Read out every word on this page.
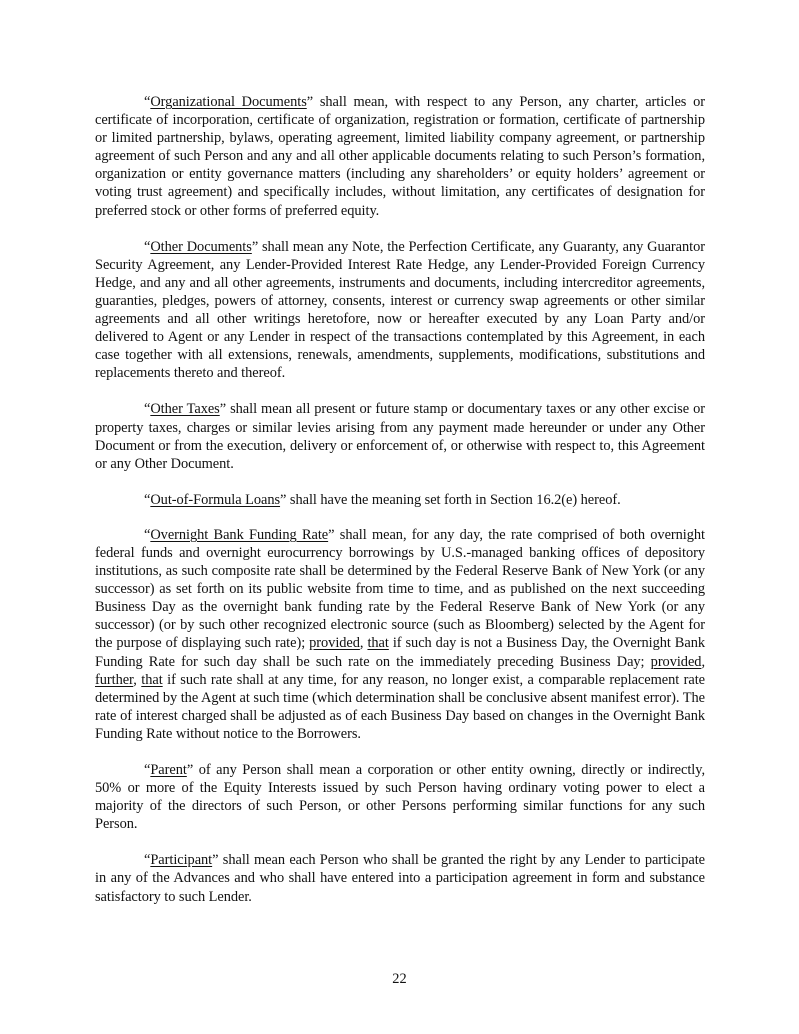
“Organizational Documents” shall mean, with respect to any Person, any charter, articles or certificate of incorporation, certificate of organization, registration or formation, certificate of partnership or limited partnership, bylaws, operating agreement, limited liability company agreement, or partnership agreement of such Person and any and all other applicable documents relating to such Person’s formation, organization or entity governance matters (including any shareholders’ or equity holders’ agreement or voting trust agreement) and specifically includes, without limitation, any certificates of designation for preferred stock or other forms of preferred equity.

“Other Documents” shall mean any Note, the Perfection Certificate, any Guaranty, any Guarantor Security Agreement, any Lender-Provided Interest Rate Hedge, any Lender-Provided Foreign Currency Hedge, and any and all other agreements, instruments and documents, including intercreditor agreements, guaranties, pledges, powers of attorney, consents, interest or currency swap agreements or other similar agreements and all other writings heretofore, now or hereafter executed by any Loan Party and/or delivered to Agent or any Lender in respect of the transactions contemplated by this Agreement, in each case together with all extensions, renewals, amendments, supplements, modifications, substitutions and replacements thereto and thereof.

“Other Taxes” shall mean all present or future stamp or documentary taxes or any other excise or property taxes, charges or similar levies arising from any payment made hereunder or under any Other Document or from the execution, delivery or enforcement of, or otherwise with respect to, this Agreement or any Other Document.

“Out-of-Formula Loans” shall have the meaning set forth in Section 16.2(e) hereof.

“Overnight Bank Funding Rate” shall mean, for any day, the rate comprised of both overnight federal funds and overnight eurocurrency borrowings by U.S.-managed banking offices of depository institutions, as such composite rate shall be determined by the Federal Reserve Bank of New York (or any successor) as set forth on its public website from time to time, and as published on the next succeeding Business Day as the overnight bank funding rate by the Federal Reserve Bank of New York (or any successor) (or by such other recognized electronic source (such as Bloomberg) selected by the Agent for the purpose of displaying such rate); provided, that if such day is not a Business Day, the Overnight Bank Funding Rate for such day shall be such rate on the immediately preceding Business Day; provided, further, that if such rate shall at any time, for any reason, no longer exist, a comparable replacement rate determined by the Agent at such time (which determination shall be conclusive absent manifest error). The rate of interest charged shall be adjusted as of each Business Day based on changes in the Overnight Bank Funding Rate without notice to the Borrowers.

“Parent” of any Person shall mean a corporation or other entity owning, directly or indirectly, 50% or more of the Equity Interests issued by such Person having ordinary voting power to elect a majority of the directors of such Person, or other Persons performing similar functions for any such Person.

“Participant” shall mean each Person who shall be granted the right by any Lender to participate in any of the Advances and who shall have entered into a participation agreement in form and substance satisfactory to such Lender.

22
